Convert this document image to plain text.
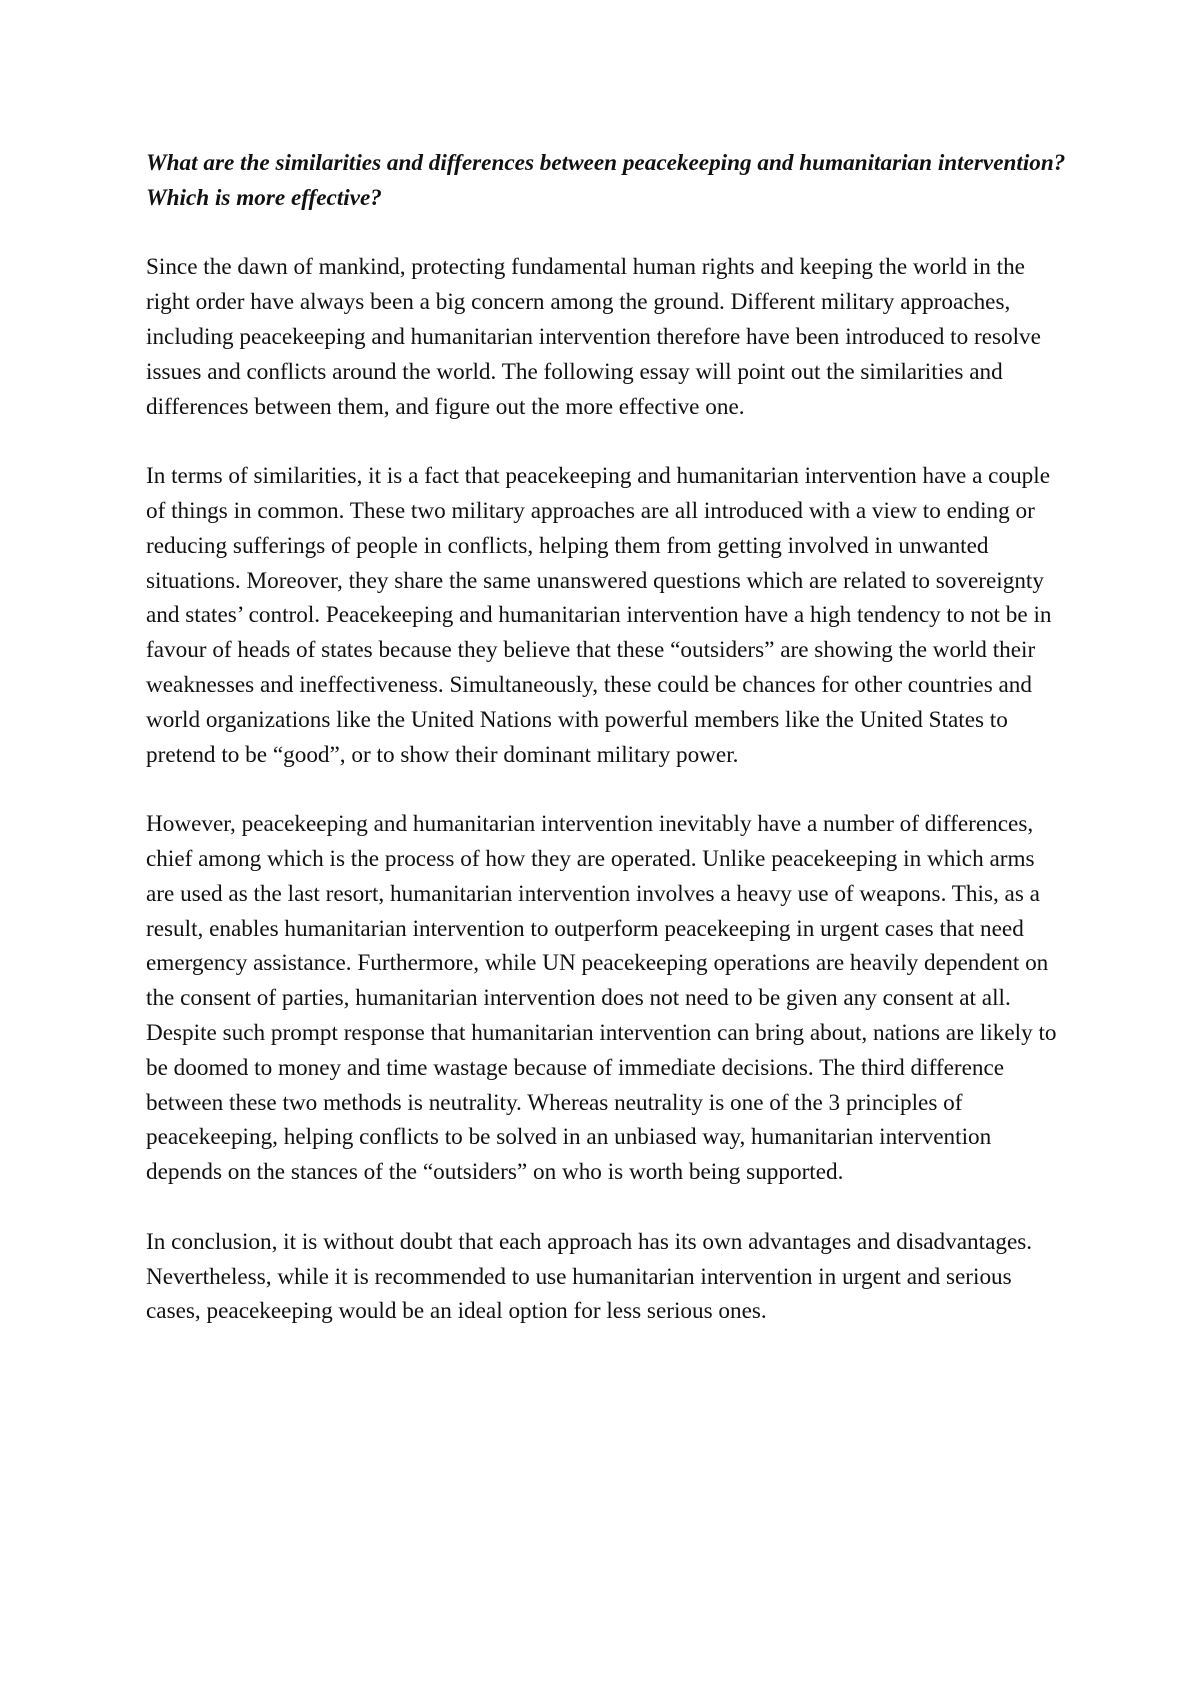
What are the similarities and differences between peacekeeping and humanitarian intervention? Which is more effective?

Since the dawn of mankind, protecting fundamental human rights and keeping the world in the right order have always been a big concern among the ground. Different military approaches, including peacekeeping and humanitarian intervention therefore have been introduced to resolve issues and conflicts around the world. The following essay will point out the similarities and differences between them, and figure out the more effective one.

In terms of similarities, it is a fact that peacekeeping and humanitarian intervention have a couple of things in common. These two military approaches are all introduced with a view to ending or reducing sufferings of people in conflicts, helping them from getting involved in unwanted situations. Moreover, they share the same unanswered questions which are related to sovereignty and states’ control. Peacekeeping and humanitarian intervention have a high tendency to not be in favour of heads of states because they believe that these “outsiders” are showing the world their weaknesses and ineffectiveness. Simultaneously, these could be chances for other countries and world organizations like the United Nations with powerful members like the United States to pretend to be “good”, or to show their dominant military power.

However, peacekeeping and humanitarian intervention inevitably have a number of differences, chief among which is the process of how they are operated. Unlike peacekeeping in which arms are used as the last resort, humanitarian intervention involves a heavy use of weapons. This, as a result, enables humanitarian intervention to outperform peacekeeping in urgent cases that need emergency assistance. Furthermore, while UN peacekeeping operations are heavily dependent on the consent of parties, humanitarian intervention does not need to be given any consent at all. Despite such prompt response that humanitarian intervention can bring about, nations are likely to be doomed to money and time wastage because of immediate decisions. The third difference between these two methods is neutrality. Whereas neutrality is one of the 3 principles of peacekeeping, helping conflicts to be solved in an unbiased way, humanitarian intervention depends on the stances of the “outsiders” on who is worth being supported.

In conclusion, it is without doubt that each approach has its own advantages and disadvantages. Nevertheless, while it is recommended to use humanitarian intervention in urgent and serious cases, peacekeeping would be an ideal option for less serious ones.
